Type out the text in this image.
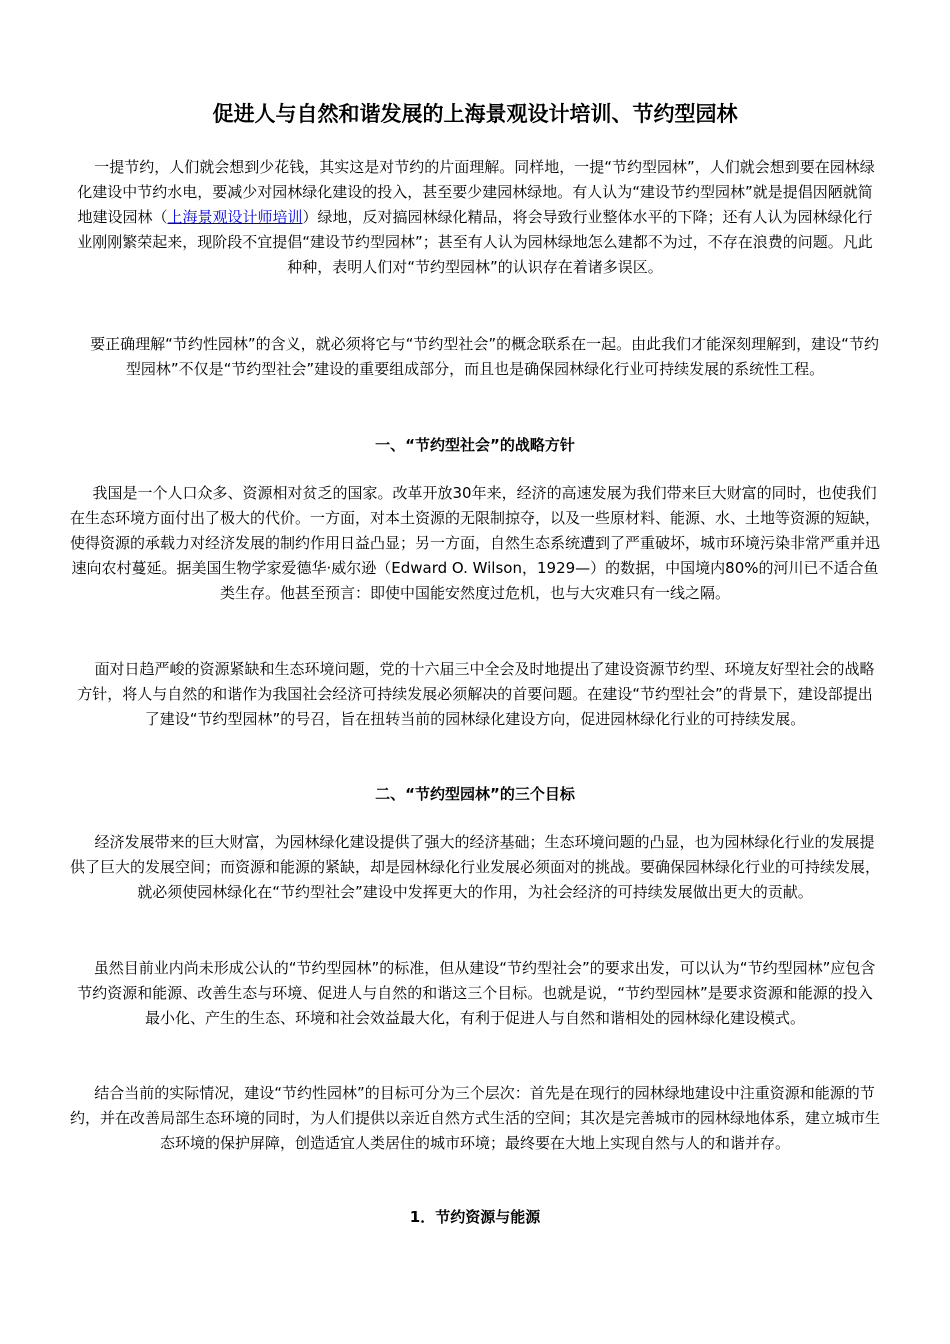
促进人与自然和谐发展的上海景观设计培训、节约型园林

一提节约，人们就会想到少花钱，其实这是对节约的片面理解。同样地，一提“节约型园林”，人们就会想到要在园林绿化建设中节约水电，要减少对园林绿化建设的投入，甚至要少建园林绿地。有人认为“建设节约型园林”就是提倡因陋就简地建设园林（上海景观设计师培训）绿地，反对搞园林绿化精品，将会导致行业整体水平的下降；还有人认为园林绿化行业刚刚繁荣起来，现阶段不宜提倡“建设节约型园林”；甚至有人认为园林绿地怎么建都不为过，不存在浪费的问题。凡此种种，表明人们对“节约型园林”的认识存在着诸多误区。

要正确理解“节约性园林”的含义，就必须将它与“节约型社会”的概念联系在一起。由此我们才能深刻理解到，建设“节约型园林”不仅是“节约型社会”建设的重要组成部分，而且也是确保园林绿化行业可持续发展的系统性工程。

一、“节约型社会”的战略方针

我国是一个人口众多、资源相对贫乏的国家。改革开放30年来，经济的高速发展为我们带来巨大财富的同时，也使我们在生态环境方面付出了极大的代价。一方面，对本土资源的无限制掠夺，以及一些原材料、能源、水、土地等资源的短缺，使得资源的承载力对经济发展的制约作用日益凸显；另一方面，自然生态系统遭到了严重破坏，城市环境污染非常严重并迅速向农村蔓延。据美国生物学家爱德华·威尔逊（Edward O. Wilson，1929—）的数据，中国境内80%的河川已不适合鱼类生存。他甚至预言：即使中国能安然度过危机，也与大灾难只有一线之隔。

面对日趋严峻的资源紧缺和生态环境问题，党的十六届三中全会及时地提出了建设资源节约型、环境友好型社会的战略方针，将人与自然的和谐作为我国社会经济可持续发展必须解决的首要问题。在建设“节约型社会”的背景下，建设部提出了建设“节约型园林”的号召，旨在扭转当前的园林绿化建设方向，促进园林绿化行业的可持续发展。

二、“节约型园林”的三个目标

经济发展带来的巨大财富，为园林绿化建设提供了强大的经济基础；生态环境问题的凸显，也为园林绿化行业的发展提供了巨大的发展空间；而资源和能源的紧缺，却是园林绿化行业发展必须面对的挑战。要确保园林绿化行业的可持续发展，就必须使园林绿化在“节约型社会”建设中发挥更大的作用，为社会经济的可持续发展做出更大的贡献。

虽然目前业内尚未形成公认的“节约型园林”的标准，但从建设“节约型社会”的要求出发，可以认为“节约型园林”应包含节约资源和能源、改善生态与环境、促进人与自然的和谐这三个目标。也就是说，“节约型园林”是要求资源和能源的投入最小化、产生的生态、环境和社会效益最大化，有利于促进人与自然和谐相处的园林绿化建设模式。

结合当前的实际情况，建设“节约性园林”的目标可分为三个层次：首先是在现行的园林绿地建设中注重资源和能源的节约，并在改善局部生态环境的同时，为人们提供以亲近自然方式生活的空间；其次是完善城市的园林绿地体系，建立城市生态环境的保护屏障，创造适宜人类居住的城市环境；最终要在大地上实现自然与人的和谐并存。

1．节约资源与能源
